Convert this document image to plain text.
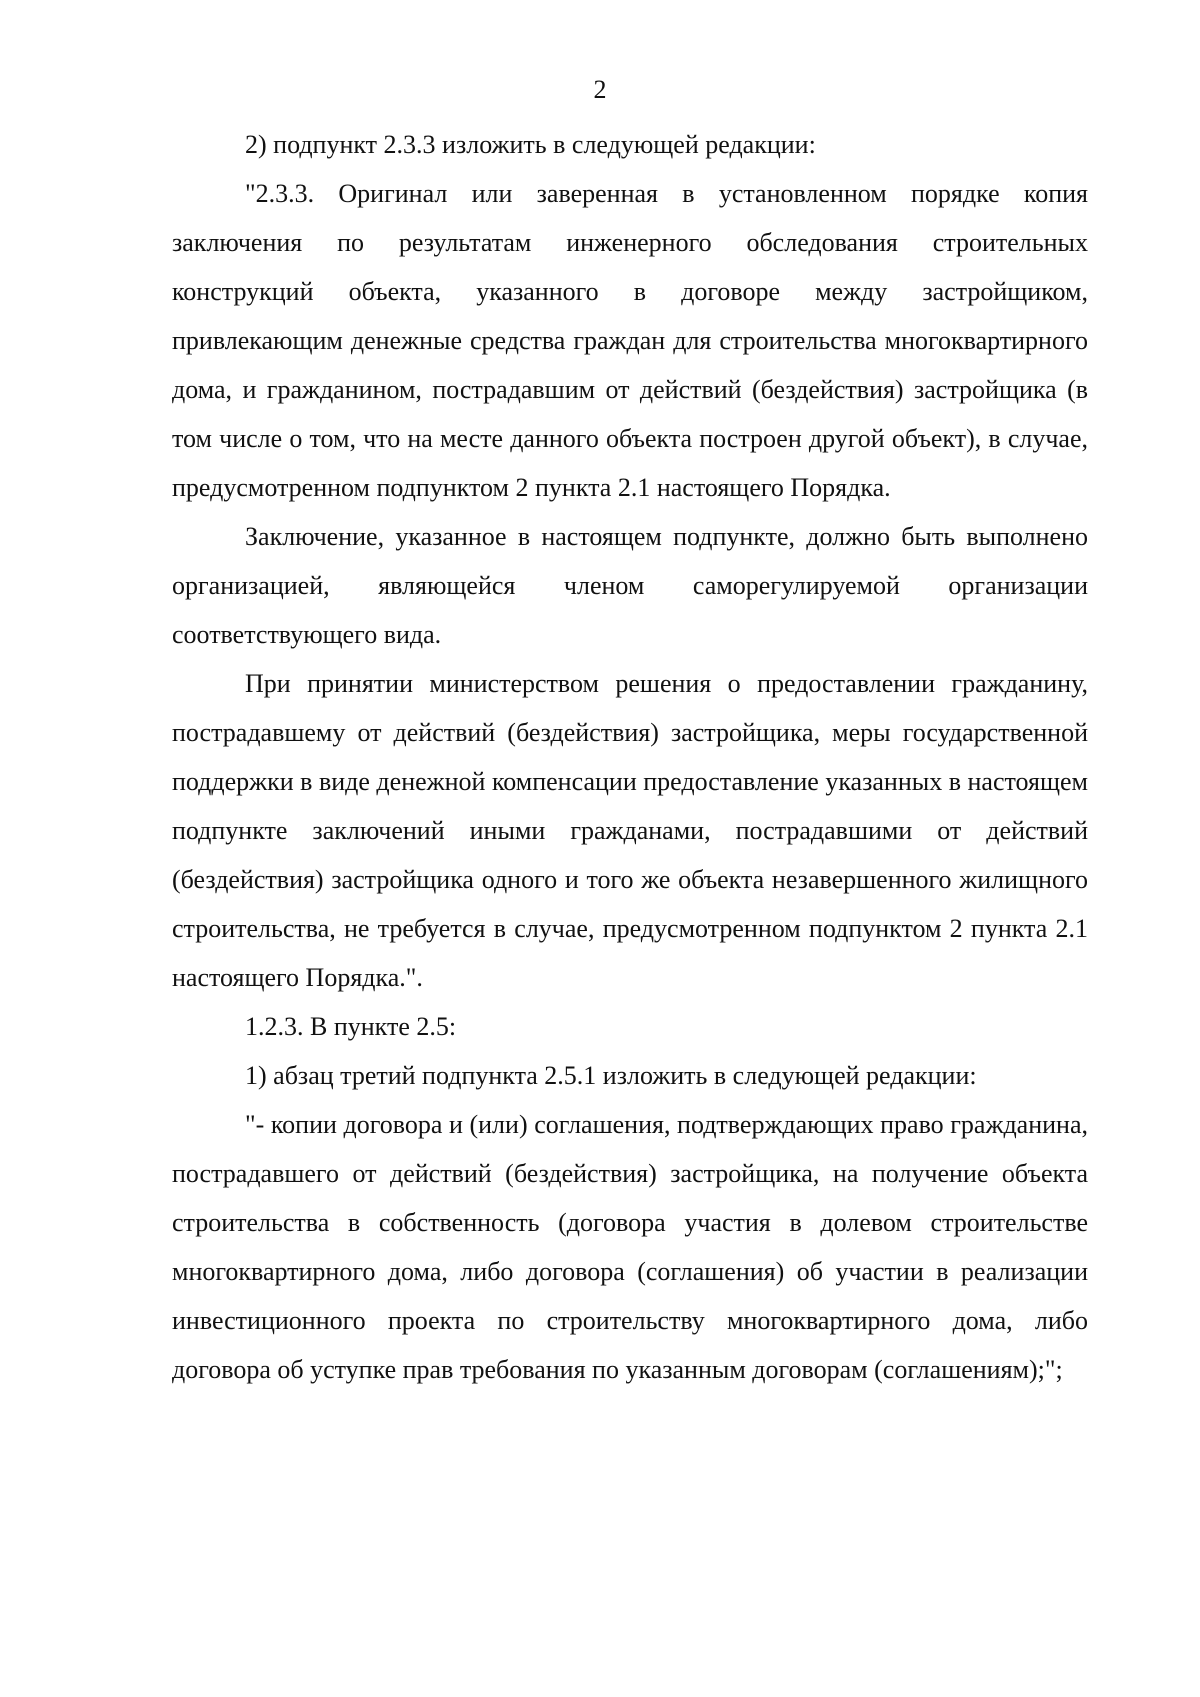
2

2) подпункт 2.3.3 изложить в следующей редакции:

"2.3.3. Оригинал или заверенная в установленном порядке копия заключения по результатам инженерного обследования строительных конструкций объекта, указанного в договоре между застройщиком, привлекающим денежные средства граждан для строительства многоквартирного дома, и гражданином, пострадавшим от действий (бездействия) застройщика (в том числе о том, что на месте данного объекта построен другой объект), в случае, предусмотренном подпунктом 2 пункта 2.1 настоящего Порядка.

Заключение, указанное в настоящем подпункте, должно быть выполнено организацией, являющейся членом саморегулируемой организации соответствующего вида.

При принятии министерством решения о предоставлении гражданину, пострадавшему от действий (бездействия) застройщика, меры государственной поддержки в виде денежной компенсации предоставление указанных в настоящем подпункте заключений иными гражданами, пострадавшими от действий (бездействия) застройщика одного и того же объекта незавершенного жилищного строительства, не требуется в случае, предусмотренном подпунктом 2 пункта 2.1 настоящего Порядка.".

1.2.3. В пункте 2.5:

1) абзац третий подпункта 2.5.1 изложить в следующей редакции:

"- копии договора и (или) соглашения, подтверждающих право гражданина, пострадавшего от действий (бездействия) застройщика, на получение объекта строительства в собственность (договора участия в долевом строительстве многоквартирного дома, либо договора (соглашения) об участии в реализации инвестиционного проекта по строительству многоквартирного дома, либо договора об уступке прав требования по указанным договорам (соглашениям);";
